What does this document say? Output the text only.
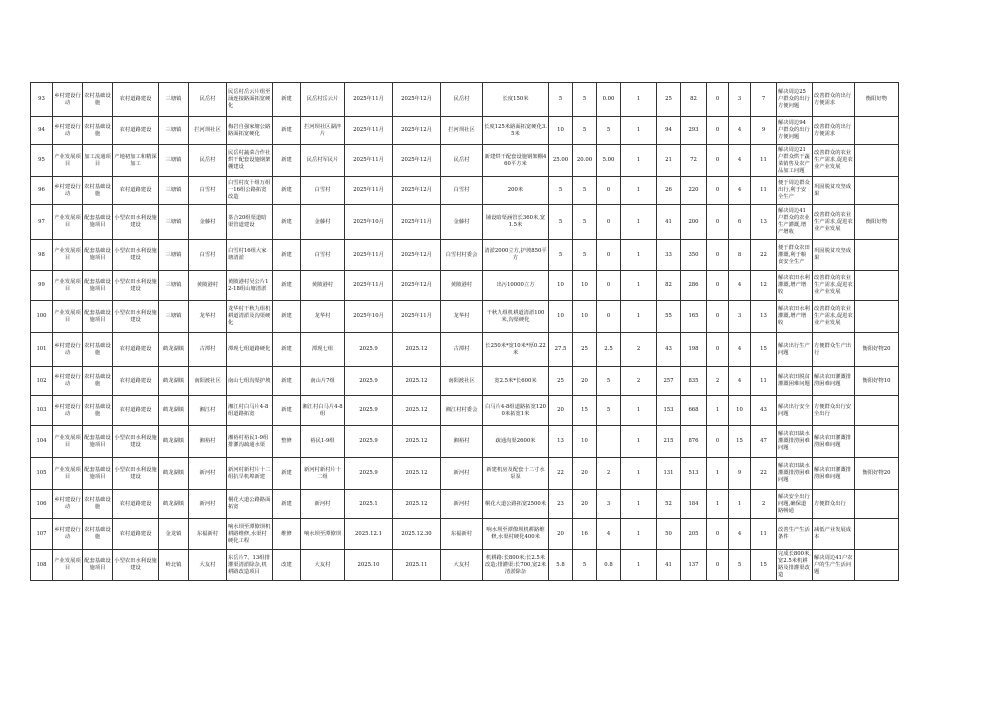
93	乡村建设行动	农村基础设施	农村道路建设	三塘镇	民岳村	民岳村岳云片组至涌连接路面拓宽硬化	新建	民岳村岳云片	2025年11月	2025年12月	民岳村	长度150米	5	5	0.00	1	25	82	0	3	7	解决周边25户群众的出行方便问题	改善群众的出行方便需求	衡阳好物
94	乡村建设行动	农村基础设施	农村道路建设	三塘镇	拦河坝社区	梅岩自强家塘公路路面拓宽硬化	新建	拦河坝社区湖泮片	2025年11月	2025年12月	拦河坝社区	长度125米路面拓宽硬化3.5米	10	5	5	1	94	293	0	4	9	解决周边94户群众的出行方便问题	改善群众的出行方便需求	
95	产业发展项目	加工流通项目	产地初加工和精深加工	三塘镇	民岳村	民岳村蔬菜合作社烘干配套设施钢架棚建设	新建	民岳村军民片	2025年11月	2025年12月	民岳村	新建烘干配套设施钢架棚460平方米	25.00	20.00	5.00	1	21	72	0	4	11	解决周边21户群众烘干蔬菜销售及农产品加工问题	改善群众的农业生产需求,促进农业产业发展	
96	乡村建设行动	农村基础设施	农村道路建设	三塘镇	白雪村	白雪村皮十组万组一16组公路拓宽改造	新建	白雪村	2025年11月	2025年12月	白雪村	200米	5	5	0	1	26	220	0	4	11	便于周边群众出行,利于安全生产	巩固脱贫攻坚成果	
97	产业发展项目	配套基础设施项目	小型农田水利设施建设	三塘镇	金藤村	茶合20组渠道暗渠管道建设	新建	金藤村	2025年10月	2025年11月	金藤村	铺设暗渠涵管长360米,宽1.5米	5	5	0	1	41	200	0	6	13	解决周边41户群众的农业生产灌溉,增产增收	改善群众的农业生产需求,促进农业产业发展	衡阳好物
98	产业发展项目	配套基础设施项目	小型农田水利设施建设	三塘镇	白雪村	白雪村16组大家塘清淤	新建	白雪村	2025年11月	2025年12月	白雪村村委会	清淤2000立方,护坡850平方	5	5	0	1	33	350	0	8	22	便于群众农田灌溉,利于粮食安全生产	巩固脱贫攻坚成果	
99	产业发展项目	配套基础设施项目	小型农田水利设施建设	三塘镇	黄陂港村	黄陂港村吴公片12-18组山塘清淤	新建	黄陂港村	2025年11月	2025年12月	黄陂港村	出污10000立方	10	10	0	1	82	286	0	4	12	解决农田水利灌溉,增产增收	改善群众的农业生产需求,促进农业产业发展	
100	产业发展项目	配套基础设施项目	小型农田水利设施建设	三塘镇	龙华村	龙华村干秋九组机耕道清淤及沟渠硬化	新建	龙华村	2025年10月	2025年11月	龙华村	干秋九组机耕道清淤100米,沟渠硬化	10	10	0	1	55	165	0	3	13	解决农田水利灌溉,增产增收	改善群众的农业生产需求,促进农业产业发展	
101	乡村建设行动	农村基础设施	农村道路建设	鹤龙湖镇	古潭村	潭现七组道路硬化	新建	潭现七组	2025.9	2025.12	古潭村	长250米*宽10米*厚0.22米	27.5	25	2.5	2	43	198	0	4	15	解决出行生产问题	方便群众生产出行	衡阳好物20
102	乡村建设行动	农村基础设施	农村道路建设	鹤龙湖镇	南阳渡社区	南山七组沟渠护坡	新建	南山片7组	2025.9	2025.12	南阳渡社区	宽2.5米*长600米	25	20	5	2	257	835	2	4	11	解决农田脱贫灌溉困难问题	解决农田灌溉排涝困难问题	衡阳好物10
103	乡村建设行动	农村基础设施	农村道路建设	鹤龙湖镇	湘江村	湘江村白马片4-8组道路拓宽	新建	湘江村白马片4-8组	2025.9	2025.12	湘江村村委会	白马片4-8组道路拓宽1200米拓宽1米	20	15	5	1	153	668	1	10	43	解决出行安全问题	方便群众出行安全出行	
104	产业发展项目	配套基础设施项目	小型农田水利设施建设	鹤龙湖镇	湘裕村	湘裕村裕民1-9组排灌沟疏通水渠	整修	裕民1-9组	2025.9	2025.12	湘裕村	疏通沟渠2600米	13	10		1	215	876	0	15	47	解决农田缺水灌溉排涝困难问题	解决农田灌溉排涝困难问题	
105	产业发展项目	配套基础设施项目	小型农田水利设施建设	鹤龙湖镇	新河村	新河村新村片十二组抗旱机埠新建	新建	新河村新村片十二组	2025.9	2025.12	新河村	新建机房及配套十二寸水泵泵	22	20	2	1	131	513	1	9	22	解决农田缺水灌溉排涝困难问题	解决农田灌溉排涝困难问题	衡阳好物20
106	乡村建设行动	农村基础设施	农村道路建设	鹤龙湖镇	新河村	桐花大道公路路面拓宽	新建	新河村	2025.1	2025.12	新河村	桐花大道公路拓宽2500米	23	20	3	1	52	184	1	1	2	解决安全出行问题,确保道路畅通	方便群众出行	
107	乡村建设行动	农村基础设施	农村道路建设	金龙镇	东福新村	响水坝至潭僚坝机耕路维修,水渠村硬化工程	维修	响水坝至潭僚坝	2025.12.1	2025.12.30	东福新村	响水坝至潭僚坝机耕路维修,水渠村硬化400米	20	16	4	1	50	205	0	4	11	改善生产生活条件	减低产业发展成本	
108	产业发展项目	配套基础设施项目	小型农田水利设施建设	岭北镇	大友村	东岳片7、13组排灌渠清淤除杂,机耕路改造项目	改建	大友村	2025.10	2025.11	大友村	机耕路:长800米;长2.5米改造;排灌渠:长700,宽2米清淤除杂	5.8	5	0.8	1	41	137	0	5	15	完成长800米,宽2.5米机耕路及排灌渠改造	解决周边41户农户的生产生活问题	
